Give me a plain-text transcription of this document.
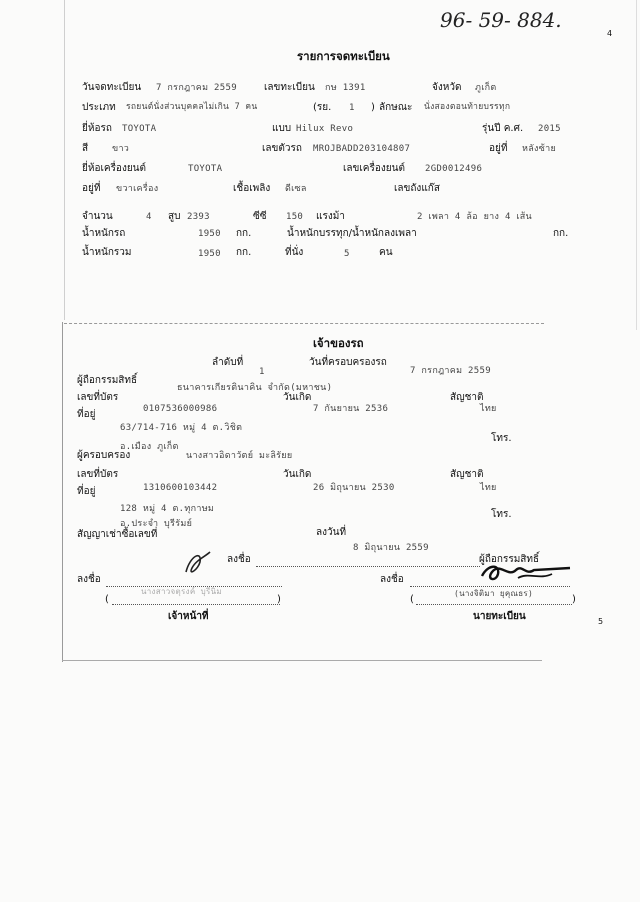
96- 59- 884.
4
รายการจดทะเบียน
วันจดทะเบียน 7 กรกฎาคม 2559	เลขทะเบียน กษ 1391	จังหวัด ภูเก็ต
ประเภท รถยนต์นั่งส่วนบุคคลไม่เกิน 7 คน	(รย. 1 ) ลักษณะ นั่งสองตอนท้ายบรรทุก
ยี่ห้อรถ TOYOTA	แบบ Hilux Revo	รุ่นปี ค.ศ. 2015
สี	ขาว	เลขตัวรถ MROJBADD203104807	อยู่ที่ หลังซ้าย
ยี่ห้อเครื่องยนต์	TOYOTA	เลขเครื่องยนต์ 2GD0012496
อยู่ที่ ขวาเครื่อง	เชื้อเพลิง ดีเซล	เลขถังแก๊ส
จำนวน	4 สูบ 2393	ซีซี 150 แรงม้า	2 เพลา 4 ล้อ ยาง 4 เส้น
น้ำหนักรถ	1950 กก.	น้ำหนักบรรทุก/น้ำหนักลงเพลา	กก.
น้ำหนักรวม	1950 กก.	ที่นั่ง	5	คน
เจ้าของรถ
ลำดับที่
1
วันที่ครอบครองรถ
7 กรกฎาคม 2559
ผู้ถือกรรมสิทธิ์
ธนาคารเกียรตินาคิน จำกัด(มหาชน)
เลขที่บัตร	วันเกิด	สัญชาติ
0107536000986	7 กันยายน 2536	ไทย
ที่อยู่
63/714-716 หมู่ 4 ต.วิชิต
โทร.
อ.เมือง ภูเก็ต
ผู้ครอบครอง	นางสาวอิดาวัตย์ มะลิรัยย
เลขที่บัตร	วันเกิด	สัญชาติ
1310600103442	26 มิถุนายน 2530	ไทย
ที่อยู่
128 หมู่ 4 ต.ทุกาษม	โทร.
อ.ประจำ บุรีรัมย์
สัญญาเช่าซื้อเลขที่	ลงวันที่
8 มิถุนายน 2559
ลงชื่อ	ผู้ถือกรรมสิทธิ์
ลงชื่อ	ลงชื่อ
(
นางสาวจตุรงค์ บุรีนิม
)	(
(นางจิติมา ยุคุณธร)
)
เจ้าหน้าที่	นายทะเบียน	5
